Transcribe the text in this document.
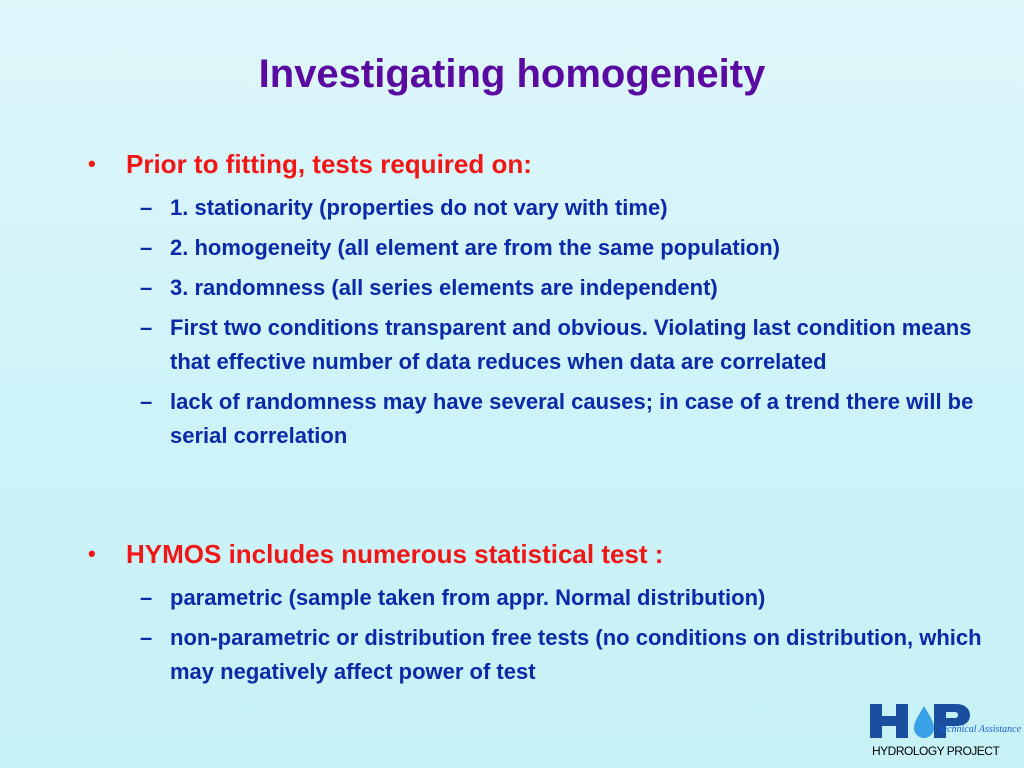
Investigating homogeneity
• Prior to fitting, tests required on:
– 1. stationarity (properties do not vary with time)
– 2. homogeneity (all element are from the same population)
– 3. randomness (all series elements are independent)
– First two conditions transparent and obvious. Violating last condition means that effective number of data reduces when data are correlated
– lack of randomness may have several causes; in case of a trend there will be serial correlation
• HYMOS includes numerous statistical test :
– parametric (sample taken from appr. Normal distribution)
– non-parametric or distribution free tests (no conditions on distribution, which may negatively affect power of test
Technical Assistance
HYDROLOGY PROJECT
